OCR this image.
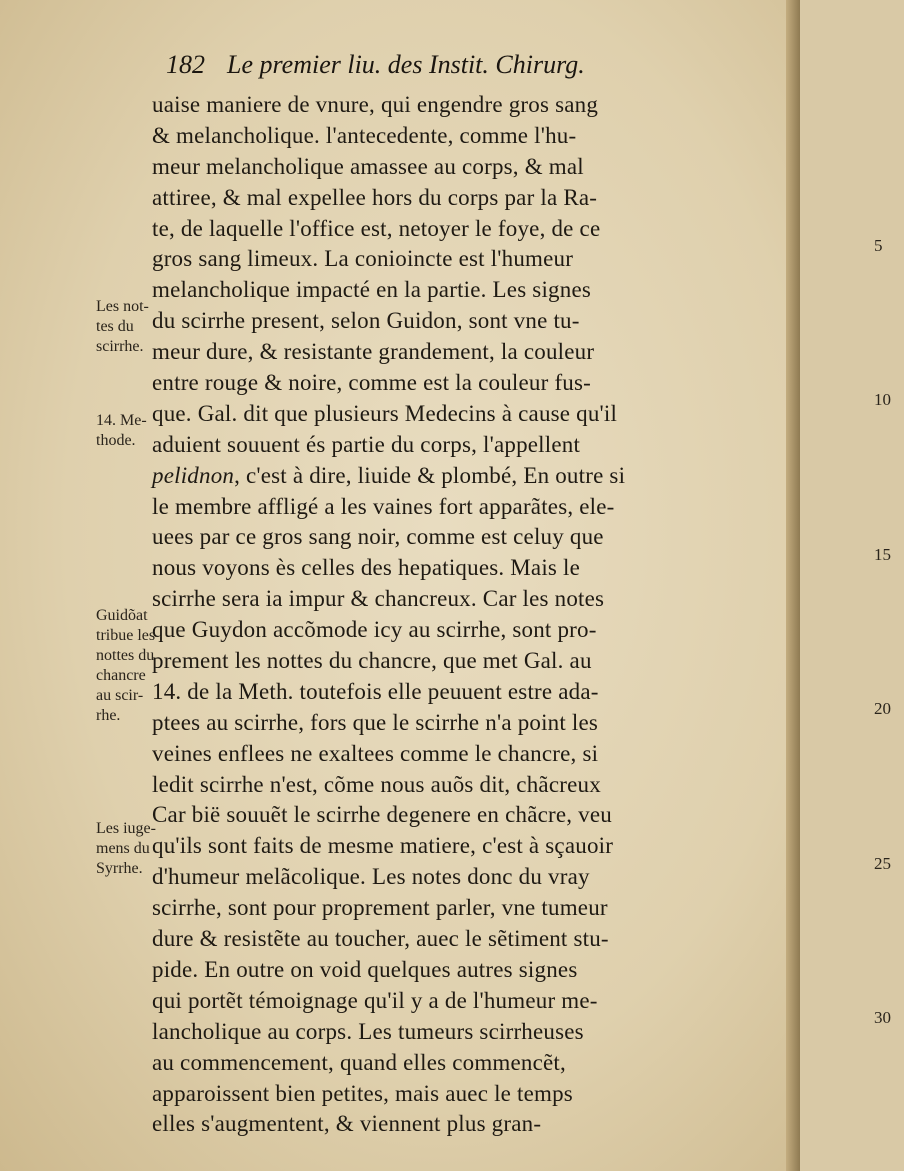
182 Le premier liu. des Instit. Chirurg.
Les not-
tes du
scirrhe.
14. Me-
thode.
Guidõat
tribue les
nottes du
chancre
au scir-
rhe.
Les iuge-
mens du
Syrrhe.
5
10
15
20
25
30
uaise maniere de vnure, qui engendre gros sang
& melancholique. l'antecedente, comme l'hu-
meur melancholique amassee au corps, & mal
attiree, & mal expellee hors du corps par la Ra-
te, de laquelle l'office est, netoyer le foye, de ce
gros sang limeux. La conioincte est l'humeur
melancholique impacté en la partie. Les signes
du scirrhe present, selon Guidon, sont vne tu-
meur dure, & resistante grandement, la couleur
entre rouge & noire, comme est la couleur fus-
que. Gal. dit que plusieurs Medecins à cause qu'il
aduient souuent és partie du corps, l'appellent
pelidnon, c'est à dire, liuide & plombé, En outre si
le membre affligé a les vaines fort apparãtes, ele-
uees par ce gros sang noir, comme est celuy que
nous voyons ès celles des hepatiques. Mais le
scirrhe sera ia impur & chancreux. Car les notes
que Guydon accõmode icy au scirrhe, sont pro-
prement les nottes du chancre, que met Gal. au
14. de la Meth. toutefois elle peuuent estre ada-
ptees au scirrhe, fors que le scirrhe n'a point les
veines enflees ne exaltees comme le chancre, si
ledit scirrhe n'est, cõme nous auõs dit, chãcreux
Car bië souuẽt le scirrhe degenere en chãcre, veu
qu'ils sont faits de mesme matiere, c'est à sçauoir
d'humeur melãcolique. Les notes donc du vray
scirrhe, sont pour proprement parler, vne tumeur
dure & resistẽte au toucher, auec le sẽtiment stu-
pide. En outre on void quelques autres signes
qui portẽt témoignage qu'il y a de l'humeur me-
lancholique au corps. Les tumeurs scirrheuses
au commencement, quand elles commencẽt,
apparoissent bien petites, mais auec le temps
elles s'augmentent, & viennent plus gran-
